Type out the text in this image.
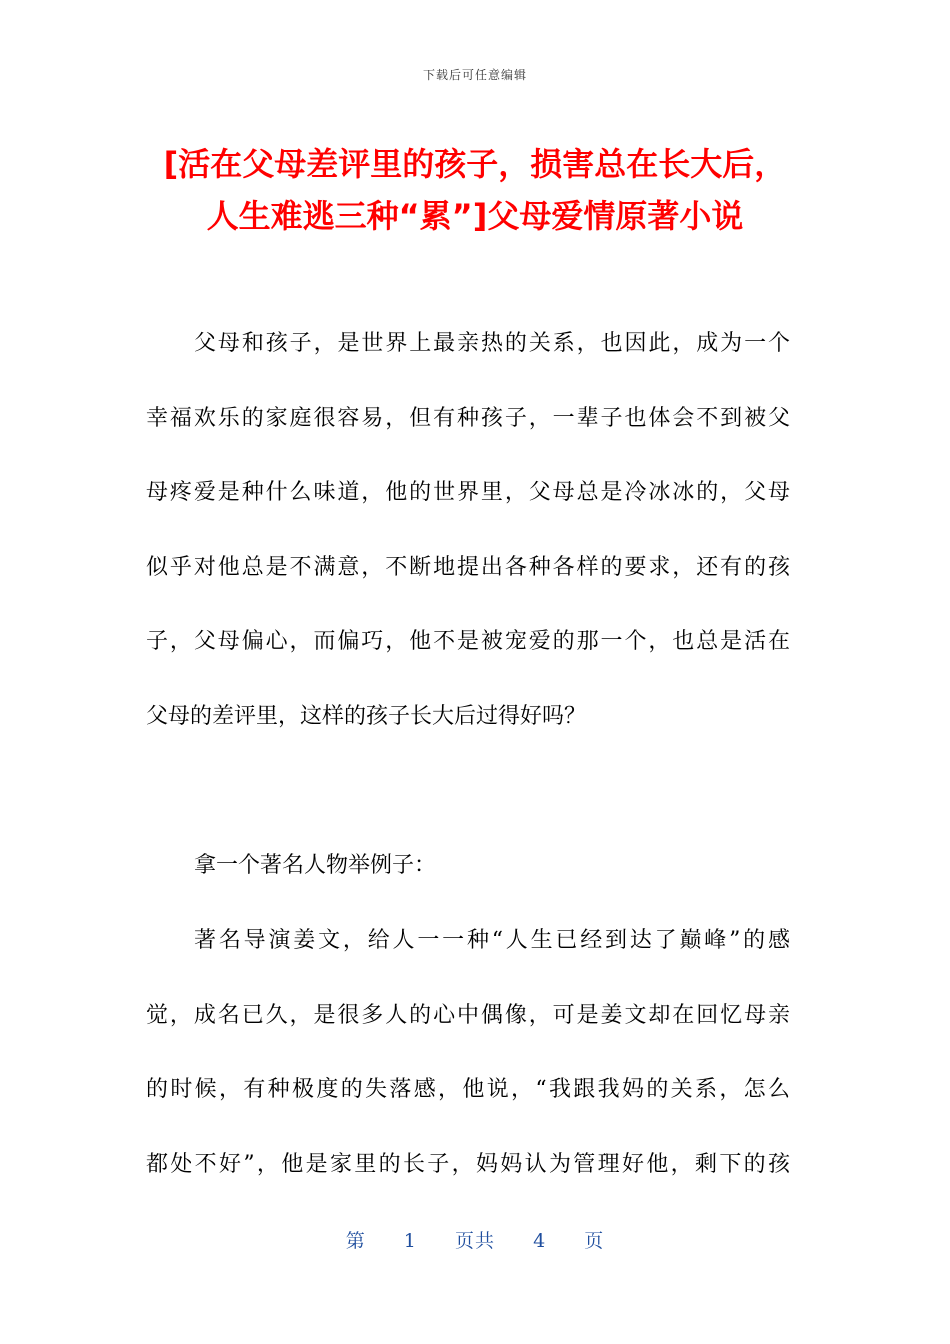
下载后可任意编辑
[活在父母差评里的孩子，损害总在长大后，
人生难逃三种“累”]父母爱情原著小说
父母和孩子，是世界上最亲热的关系，也因此，成为一个
幸福欢乐的家庭很容易，但有种孩子，一辈子也体会不到被父
母疼爱是种什么味道，他的世界里，父母总是冷冰冰的，父母
似乎对他总是不满意，不断地提出各种各样的要求，还有的孩
子，父母偏心，而偏巧，他不是被宠爱的那一个，也总是活在
父母的差评里，这样的孩子长大后过得好吗？
拿一个著名人物举例子：
著名导演姜文，给人一一种“人生已经到达了巅峰”的感
觉，成名已久，是很多人的心中偶像，可是姜文却在回忆母亲
的时候，有种极度的失落感，他说，“我跟我妈的关系，怎么
都处不好”，他是家里的长子，妈妈认为管理好他，剩下的孩
第 1 页共 4 页
